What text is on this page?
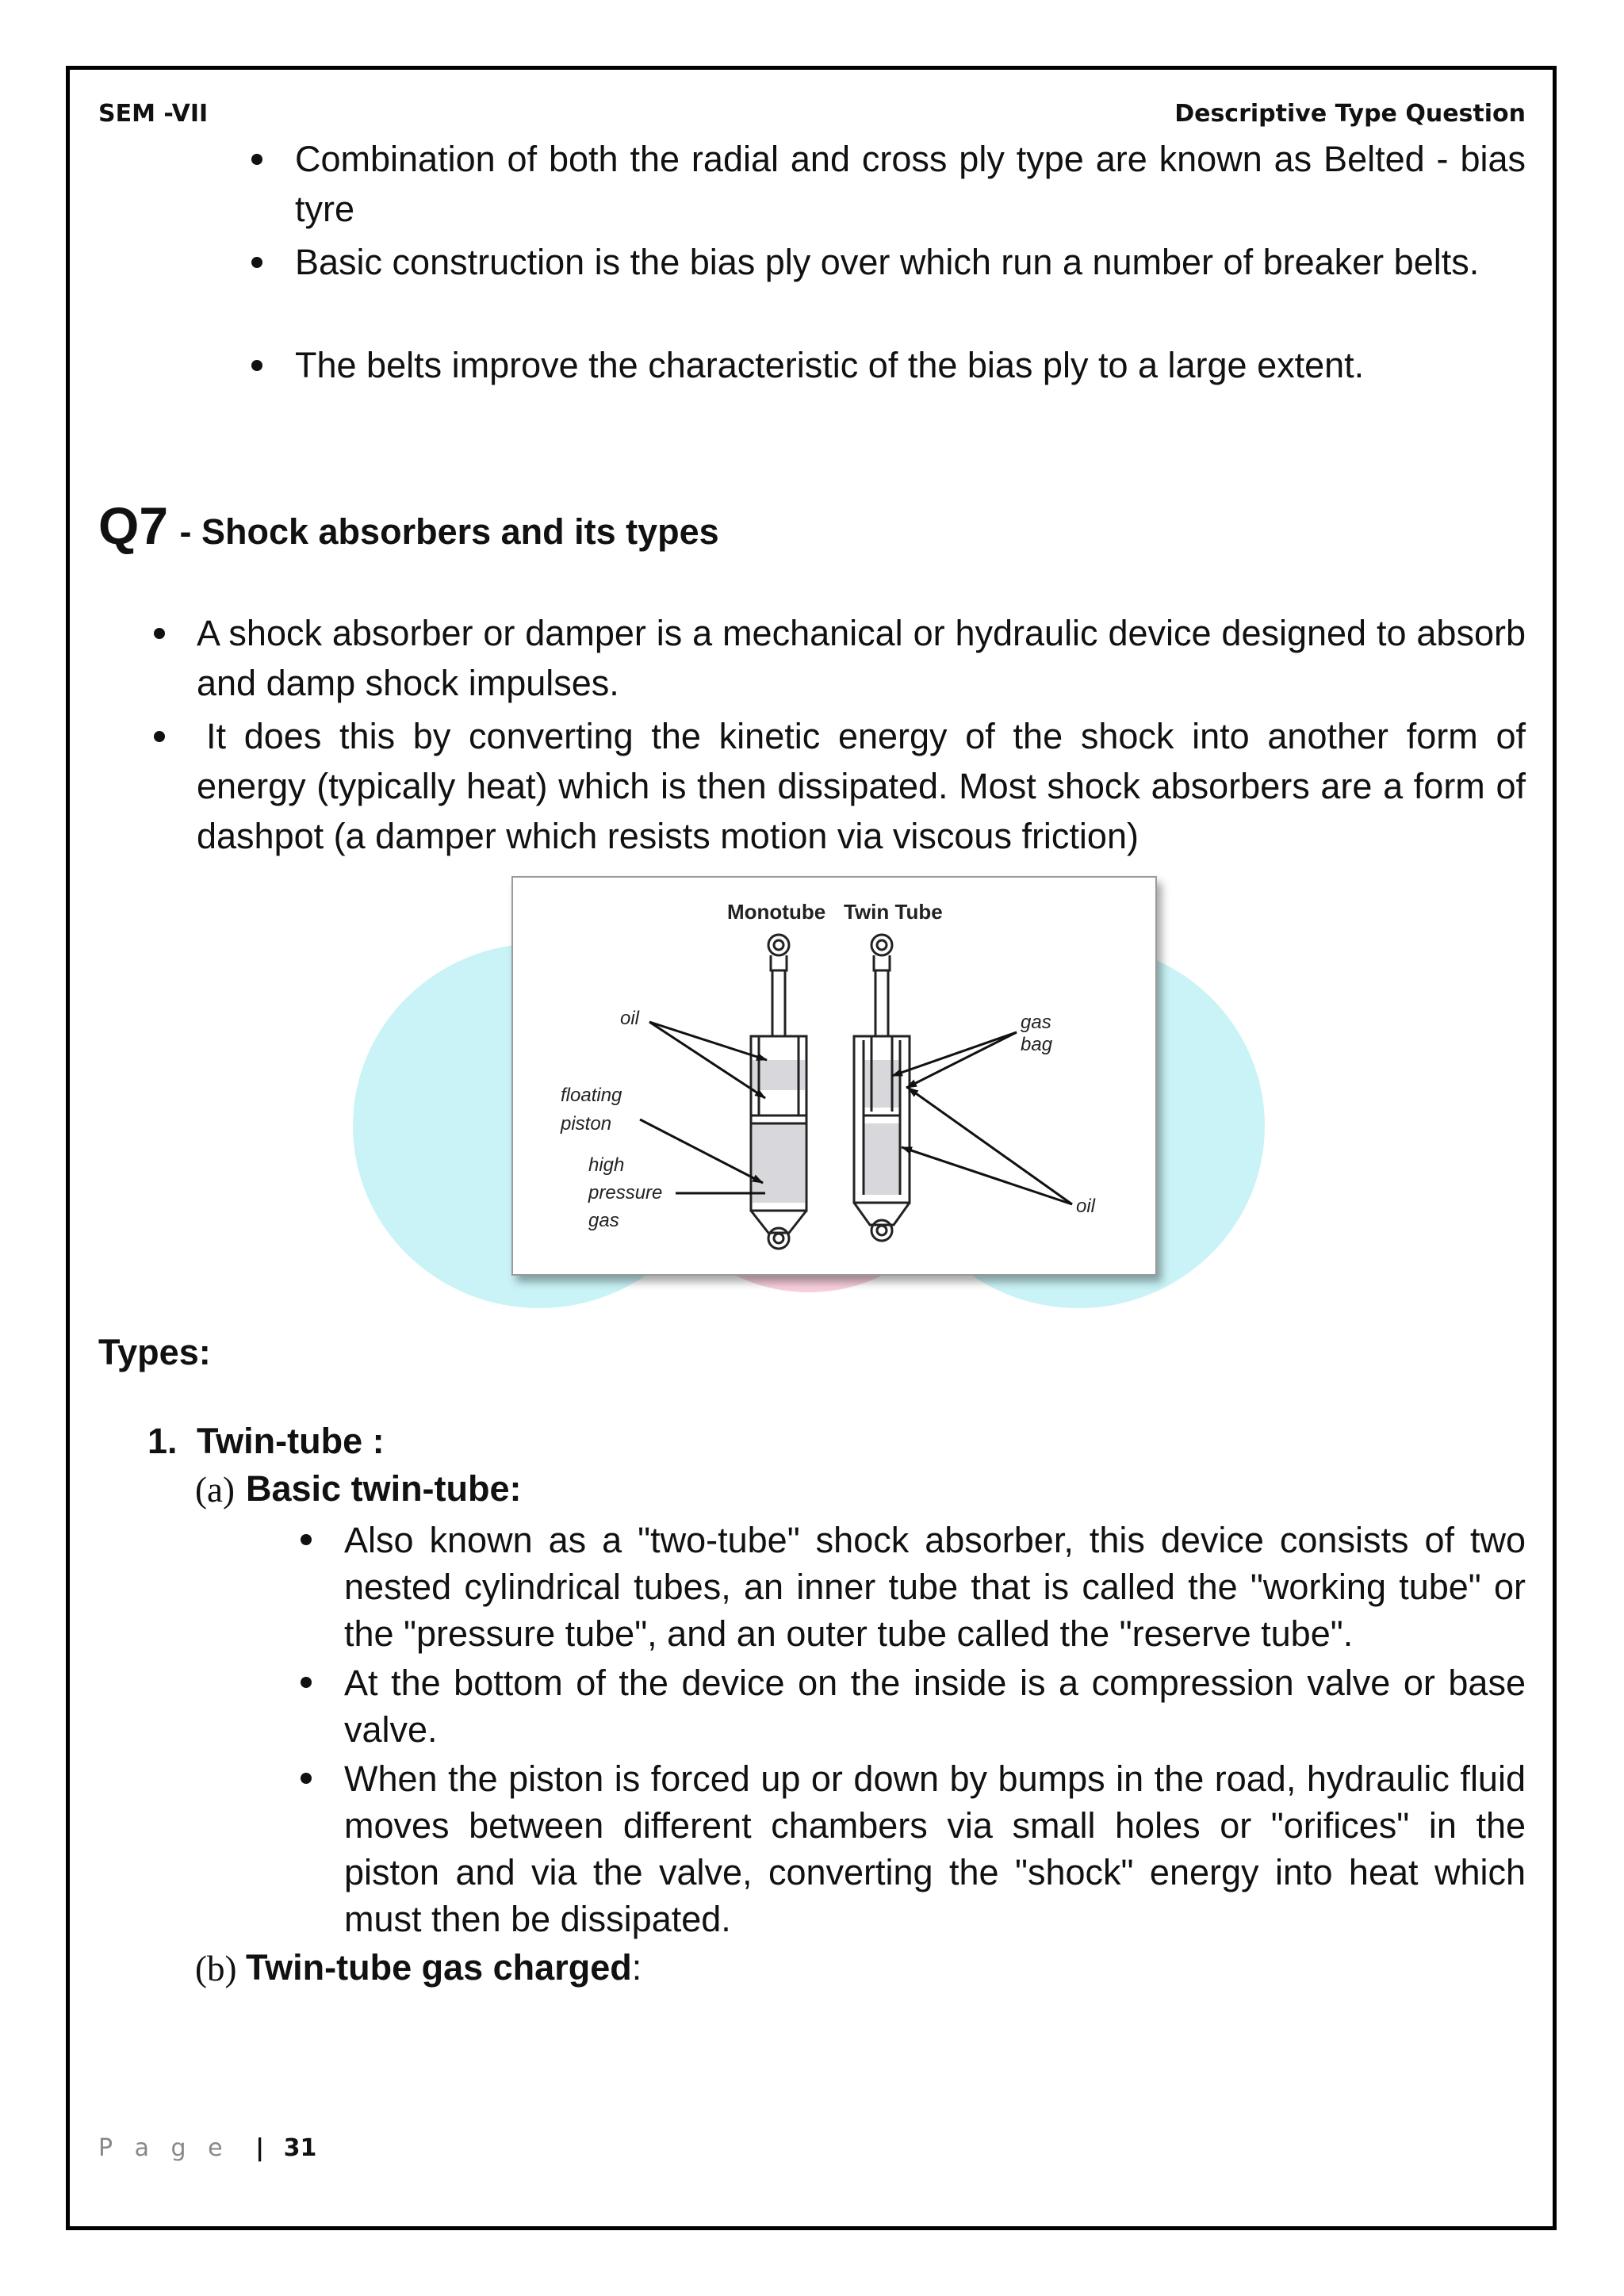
SEM -VII	Descriptive Type Question
Combination of both the radial and cross ply type are known as Belted - bias tyre
Basic construction is the bias ply over which run a number of breaker belts.
The belts improve the characteristic of the bias ply to a large extent.
Q7 - Shock absorbers and its types
A shock absorber or damper is a mechanical or hydraulic device designed to absorb and damp shock impulses.
It does this by converting the kinetic energy of the shock into another form of energy (typically heat) which is then dissipated. Most shock absorbers are a form of dashpot (a damper which resists motion via viscous friction)
Monotube Twin Tube
oil
floating
piston
high
pressure
gas
gas
bag
oil
Types:
1. Twin-tube :
(a) Basic twin-tube:
Also known as a "two-tube" shock absorber, this device consists of two nested cylindrical tubes, an inner tube that is called the "working tube" or the "pressure tube", and an outer tube called the "reserve tube".
At the bottom of the device on the inside is a compression valve or base valve.
When the piston is forced up or down by bumps in the road, hydraulic fluid moves between different chambers via small holes or "orifices" in the piston and via the valve, converting the "shock" energy into heat which must then be dissipated.
(b) Twin-tube gas charged:
P a g e | 31
